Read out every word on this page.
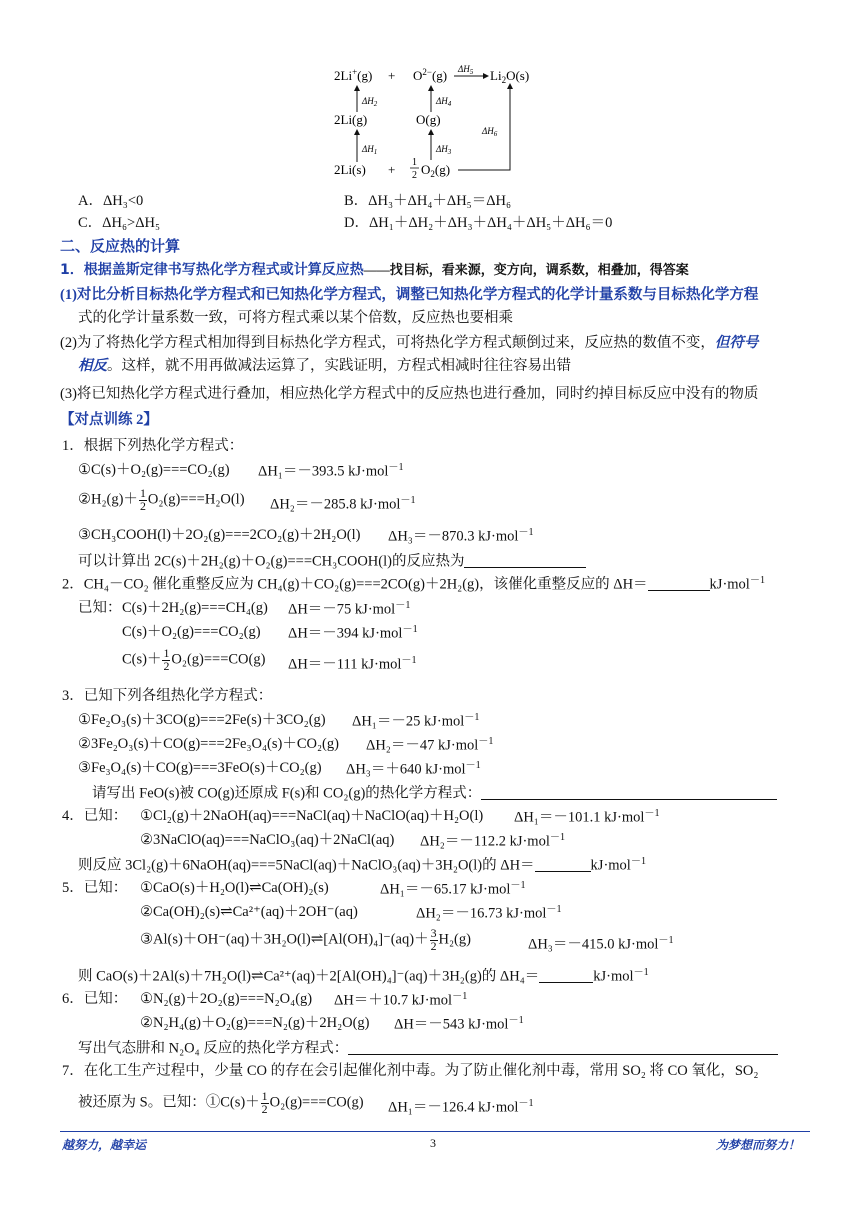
$2Li^+(g) + O^{2-}(g)$	$Li_2O(s)$
$\Delta H_5$
2Li(g)	O(g)
2Li(s) + 1
2 $O_2(g)$
$\Delta H_2$
$\Delta H_1$
$\Delta H_4$
$\Delta H_3$
$\Delta H_6$
A．ΔH₃<0	B．ΔH₃＋ΔH₄＋ΔH₅＝ΔH₆
C．ΔH₆>ΔH₅	D．ΔH₁＋ΔH₂＋ΔH₃＋ΔH₄＋ΔH₅＋ΔH₆＝0
二、反应热的计算
1．根据盖斯定律书写热化学方程式或计算反应热——找目标，看来源，变方向，调系数，相叠加，得答案
(1)对比分析目标热化学方程式和已知热化学方程式，调整已知热化学方程式的化学计量系数与目标热化学方程
式的化学计量系数一致，可将方程式乘以某个倍数，反应热也要相乘
(2)为了将热化学方程式相加得到目标热化学方程式，可将热化学方程式颠倒过来，反应热的数值不变，但符号
相反。这样，就不用再做减法运算了，实践证明，方程式相减时往往容易出错
(3)将已知热化学方程式进行叠加，相应热化学方程式中的反应热也进行叠加，同时约掉目标反应中没有的物质
【对点训练 2】
1．根据下列热化学方程式：
①C(s)＋O₂(g)===CO₂(g) ΔH₁＝－393.5 kJ·mol$^{-1}$
②H₂(g)＋ $\frac{1}{2} O_2(g)===H_2O(l)$ ΔH₂＝－285.8 kJ·mol$^{-1}$
③CH₃COOH(l)＋2O₂(g)===2CO₂(g)＋2H₂O(l) ΔH₃＝－870.3 kJ·mol$^{-1}$
可以计算出 2C(s)＋2H₂(g)＋O₂(g)===CH₃COOH(l)的反应热为
2．CH₄－CO₂ 催化重整反应为 CH₄(g)＋CO₂(g)===2CO(g)＋2H₂(g)，该催化重整反应的 ΔH＝	kJ·mol$^{-1}$
已知： C(s)＋2H₂(g)===CH₄(g) ΔH＝－75 kJ·mol$^{-1}$
C(s)＋O₂(g)===CO₂(g) ΔH＝－394 kJ·mol$^{-1}$
$C(s)+ \frac{1}{2} O_2(g)===CO(g)$ ΔH＝－111 kJ·mol$^{-1}$
3．已知下列各组热化学方程式：
①Fe₂O₃(s)＋3CO(g)===2Fe(s)＋3CO₂(g) ΔH₁＝－25 kJ·mol$^{-1}$
②3Fe₂O₃(s)＋CO(g)===2Fe₃O₄(s)＋CO₂(g) ΔH₂＝－47 kJ·mol$^{-1}$
③Fe₃O₄(s)＋CO(g)===3FeO(s)＋CO₂(g) ΔH₃＝＋640 kJ·mol$^{-1}$
请写出 FeO(s)被 CO(g)还原成 F(s)和 CO₂(g)的热化学方程式：
4．已知： ①Cl₂(g)＋2NaOH(aq)===NaCl(aq)＋NaClO(aq)＋H₂O(l) ΔH₁＝－101.1 kJ·mol$^{-1}$
②3NaClO(aq)===NaClO₃(aq)＋2NaCl(aq) ΔH₂＝－112.2 kJ·mol$^{-1}$
则反应 3Cl₂(g)＋6NaOH(aq)===5NaCl(aq)＋NaClO₃(aq)＋3H₂O(l)的 ΔH＝	kJ·mol$^{-1}$
5．已知： ①CaO(s)＋H₂O(l)⇌Ca(OH)₂(s)	ΔH₁＝－65.17 kJ·mol$^{-1}$
②Ca(OH)₂(s)⇌Ca²⁺(aq)＋2OH⁻(aq)	ΔH₂＝－16.73 kJ·mol$^{-1}$
③Al(s)＋OH⁻(aq)＋3H₂O(l)⇌[Al(OH)₄]⁻(aq)＋ $\frac{3}{2} H_2(g)$	ΔH₃＝－415.0 kJ·mol$^{-1}$
则 CaO(s)＋2Al(s)＋7H₂O(l)⇌Ca²⁺(aq)＋2[Al(OH)₄]⁻(aq)＋3H₂(g)的 ΔH₄＝	kJ·mol$^{-1}$
6．已知： ①N₂(g)＋2O₂(g)===N₂O₄(g) ΔH＝＋10.7 kJ·mol$^{-1}$
②N₂H₄(g)＋O₂(g)===N₂(g)＋2H₂O(g) ΔH＝－543 kJ·mol$^{-1}$
写出气态肼和 N₂O₄ 反应的热化学方程式：
7．在化工生产过程中，少量 CO 的存在会引起催化剂中毒。为了防止催化剂中毒，常用 SO₂ 将 CO 氧化，SO₂
被还原为 S。已知：①C(s)＋ $\frac{1}{2} O_2(g)===CO(g)$ ΔH₁＝－126.4 kJ·mol$^{-1}$
越努力，越幸运	3	为梦想而努力！
